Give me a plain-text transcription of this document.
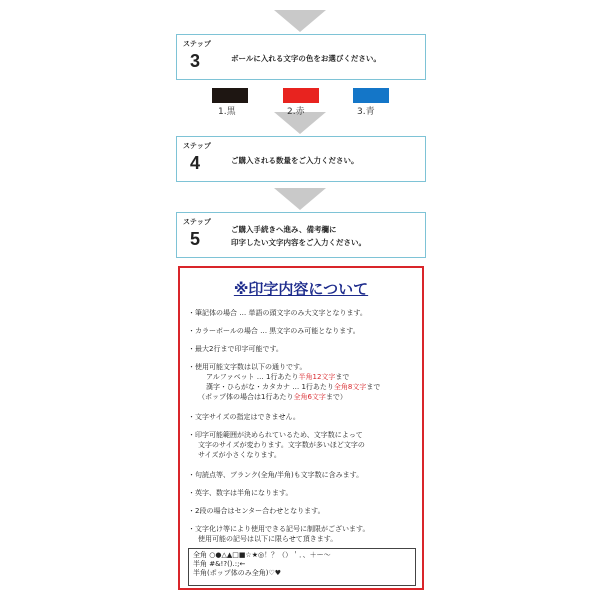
ステップ
3	ボールに入れる文字の色をお選びください。
1.黒	2.赤	3.青
ステップ
4	ご購入される数量をご入力ください。
ステップ
5	ご購入手続きへ進み、備考欄に
印字したい文字内容をご入力ください。
※印字内容について
・筆記体の場合 … 単語の頭文字のみ大文字となります。
・カラーボールの場合 … 黒文字のみ可能となります。
・最大2行まで印字可能です。
・使用可能文字数は以下の通りです。
アルファベット … 1行あたり半角12文字まで
漢字・ひらがな・カタカナ … 1行あたり全角8文字まで
（ポップ体の場合は1行あたり全角6文字まで）
・文字サイズの指定はできません。
・印字可能範囲が決められているため、文字数によって
文字のサイズが変わります。文字数が多いほど文字の
サイズが小さくなります。
・句読点等、ブランク(全角/半角)も文字数に含みます。
・英字、数字は半角になります。
・2段の場合はセンター合わせとなります。
・文字化け等により使用できる記号に制限がございます。
使用可能の記号は以下に限らせて頂きます。
全角 ○●△▲□■☆★◎！？（）＇．、＋ー〜
半角 #&!?().:;←
半角(ポップ体のみ全角)♡♥
